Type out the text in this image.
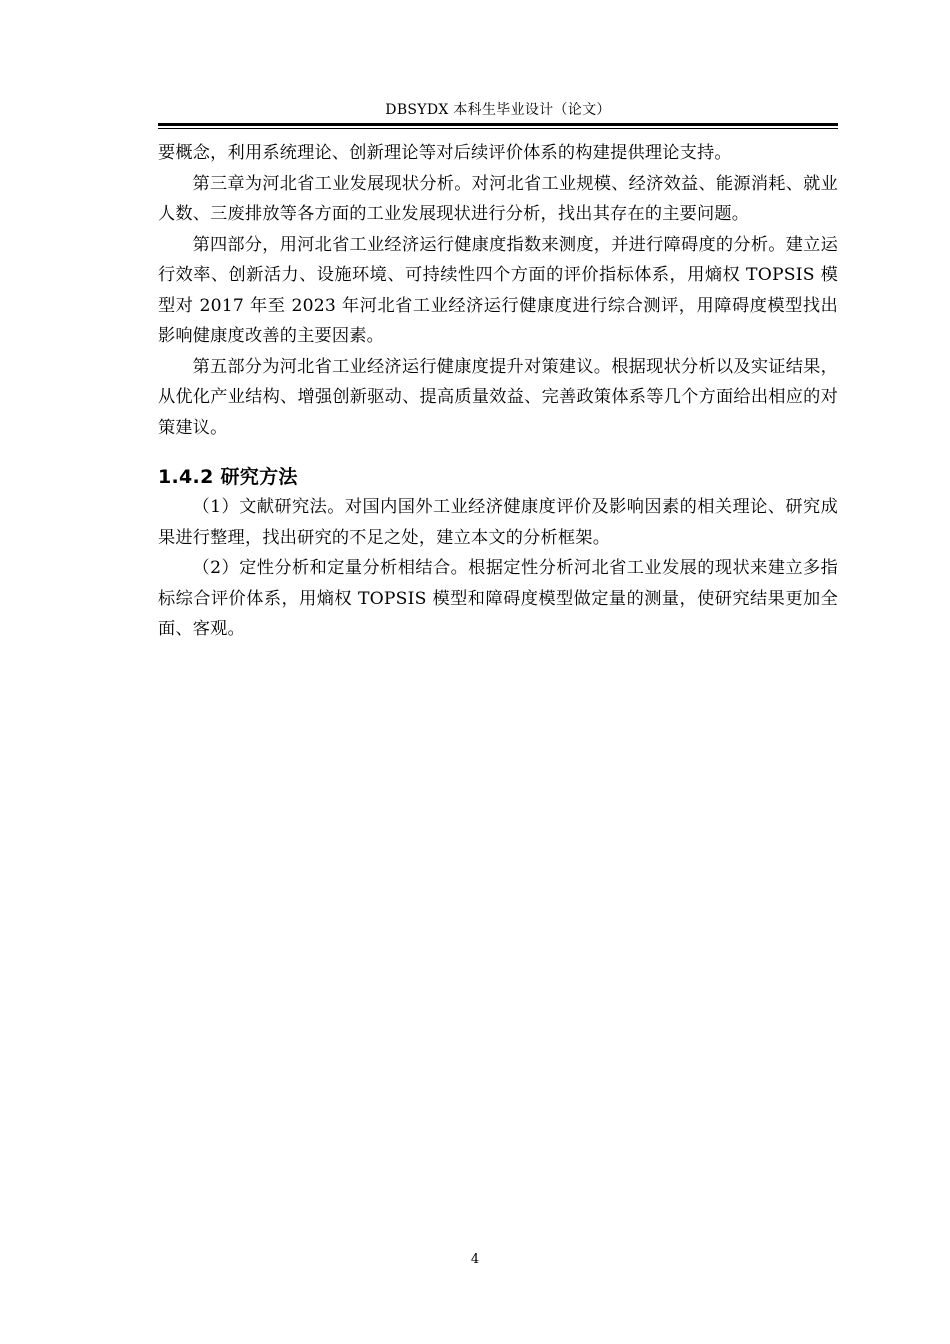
DBSYDX 本科生毕业设计（论文）

要概念，利用系统理论、创新理论等对后续评价体系的构建提供理论支持。

第三章为河北省工业发展现状分析。对河北省工业规模、经济效益、能源消耗、就业人数、三废排放等各方面的工业发展现状进行分析，找出其存在的主要问题。

第四部分，用河北省工业经济运行健康度指数来测度，并进行障碍度的分析。建立运行效率、创新活力、设施环境、可持续性四个方面的评价指标体系，用熵权 TOPSIS 模型对 2017 年至 2023 年河北省工业经济运行健康度进行综合测评，用障碍度模型找出影响健康度改善的主要因素。

第五部分为河北省工业经济运行健康度提升对策建议。根据现状分析以及实证结果，从优化产业结构、增强创新驱动、提高质量效益、完善政策体系等几个方面给出相应的对策建议。

1.4.2 研究方法

（1）文献研究法。对国内国外工业经济健康度评价及影响因素的相关理论、研究成果进行整理，找出研究的不足之处，建立本文的分析框架。

（2）定性分析和定量分析相结合。根据定性分析河北省工业发展的现状来建立多指标综合评价体系，用熵权 TOPSIS 模型和障碍度模型做定量的测量，使研究结果更加全面、客观。

4
